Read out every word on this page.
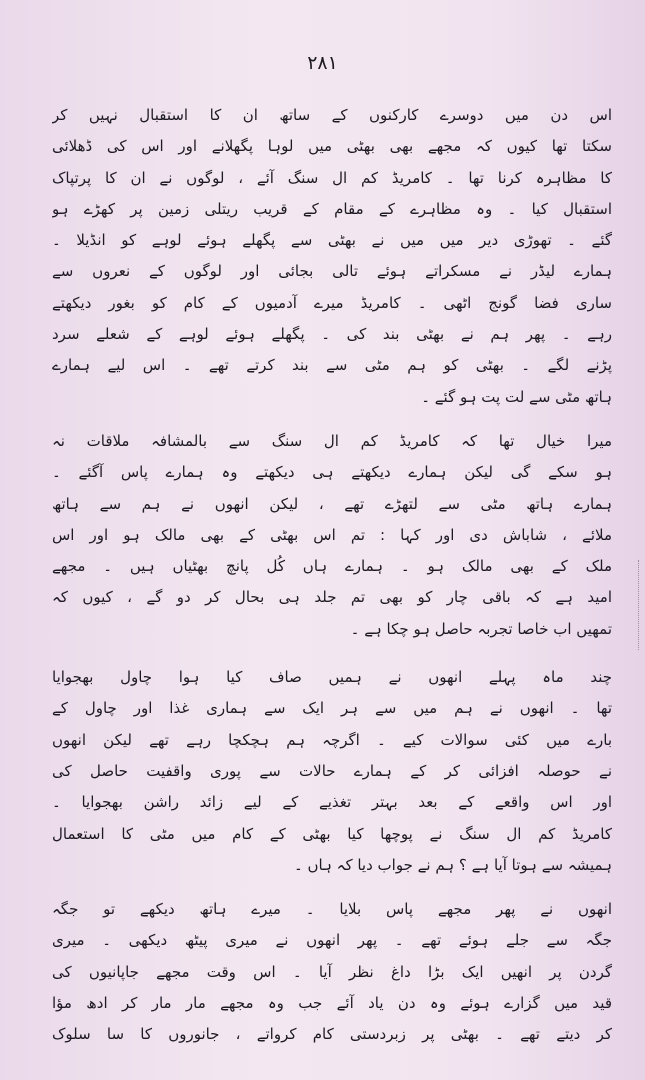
۲۸۱
اس دن میں دوسرے کارکنوں کے ساتھ ان کا استقبال نہیں کر
سکتا تھا کیوں کہ مجھے بھی بھٹی میں لوہا پگھلانے اور اس کی ڈھلائی
کا مظاہرہ کرنا تھا ۔ کامریڈ کم ال سنگ آئے ، لوگوں نے ان کا پرتپاک
استقبال کیا ۔ وہ مظاہرے کے مقام کے قریب ریتلی زمین پر کھڑے ہو
گئے ۔ تھوڑی دیر میں میں نے بھٹی سے پگھلے ہوئے لوہے کو انڈیلا ۔
ہمارے لیڈر نے مسکراتے ہوئے تالی بجائی اور لوگوں کے نعروں سے
ساری فضا گونج اٹھی ۔ کامریڈ میرے آدمیوں کے کام کو بغور دیکھتے
رہے ۔ پھر ہم نے بھٹی بند کی ۔ پگھلے ہوئے لوہے کے شعلے سرد
پڑنے لگے ۔ بھٹی کو ہم مٹی سے بند کرتے تھے ۔ اس لیے ہمارے
ہاتھ مٹی سے لت پت ہو گئے ۔
میرا خیال تھا کہ کامریڈ کم ال سنگ سے بالمشافہ ملاقات نہ
ہو سکے گی لیکن ہمارے دیکھتے ہی دیکھتے وہ ہمارے پاس آگئے ۔
ہمارے ہاتھ مٹی سے لتھڑے تھے ، لیکن انھوں نے ہم سے ہاتھ
ملائے ، شاباش دی اور کہا : تم اس بھٹی کے بھی مالک ہو اور اس
ملک کے بھی مالک ہو ۔ ہمارے ہاں کُل پانچ بھٹیاں ہیں ۔ مجھے
امید ہے کہ باقی چار کو بھی تم جلد ہی بحال کر دو گے ، کیوں کہ
تمھیں اب خاصا تجربہ حاصل ہو چکا ہے ۔
چند ماہ پہلے انھوں نے ہمیں صاف کیا ہوا چاول بھجوایا
تھا ۔ انھوں نے ہم میں سے ہر ایک سے ہماری غذا اور چاول کے
بارے میں کئی سوالات کیے ۔ اگرچہ ہم ہچکچا رہے تھے لیکن انھوں
نے حوصلہ افزائی کر کے ہمارے حالات سے پوری واقفیت حاصل کی
اور اس واقعے کے بعد بہتر تغذیے کے لیے زائد راشن بھجوایا ۔
کامریڈ کم ال سنگ نے پوچھا کیا بھٹی کے کام میں مٹی کا استعمال
ہمیشہ سے ہوتا آیا ہے ؟ ہم نے جواب دیا کہ ہاں ۔
انھوں نے پھر مجھے پاس بلایا ۔ میرے ہاتھ دیکھے تو جگہ
جگہ سے جلے ہوئے تھے ۔ پھر انھوں نے میری پیٹھ دیکھی ۔ میری
گردن پر انھیں ایک بڑا داغ نظر آیا ۔ اس وقت مجھے جاپانیوں کی
قید میں گزارے ہوئے وہ دن یاد آئے جب وہ مجھے مار مار کر ادھ مؤا
کر دیتے تھے ۔ بھٹی پر زبردستی کام کرواتے ، جانوروں کا سا سلوک
